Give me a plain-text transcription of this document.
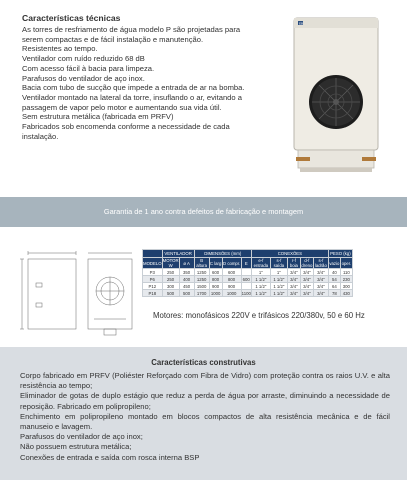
Características técnicas
As torres de resfriamento de água modelo P são projetadas para
serem compactas e de fácil instalação e manutenção.
Resistentes ao tempo.
Ventilador com ruído reduzido 68 dB
Com acesso fácil à bacia para limpeza.
Parafusos do ventilador de aço inox.
Bacia com tubo de sucção que impede a entrada de ar na bomba.
Ventilador montado na lateral da torre, insuflando o ar, evitando a
passagem de vapor pelo motor e aumentando sua vida útil.
Sem estrutura metálica (fabricada em PRFV)
Fabricados sob encomenda conforme a necessidade de cada
instalação.
EB
Garantia de 1 ano contra defeitos de fabricação e montagem
	VENTILADOR		DIMENSÕES (mm)				CONEXÕES					PESO (kg)	
MODELO	MOTOR W	ø A	B altura	C larg	D compr.	E	e-f entrada	s-f saída	r-f boia	d-f dreno	s-f ladrão	vazio	oper.
P3	250	350	1250	600	600		1"	1"	3/4"	3/4"	3/4"	40	110
P6	250	400	1250	800	800	600	1 1/2"	1 1/2"	3/4"	3/4"	3/4"	54	230
P12	300	450	1500	900	900		1 1/2"	1 1/2"	3/4"	3/4"	3/4"	64	300
P18	500	500	1700	1000	1000	1100	1 1/2"	1 1/2"	3/4"	3/4"	3/4"	78	430
Motores: monofásicos 220V e trifásicos 220/380v, 50 e 60 Hz
Características construtivas

Corpo fabricado em PRFV (Poliéster Reforçado com Fibra de Vidro) com proteção contra os raios U.V. e alta resistência ao tempo;

Eliminador de gotas de duplo estágio que reduz a perda de água por arraste, diminuindo a necessidade de reposição. Fabricado em polipropileno;

Enchimento em polipropileno montado em blocos compactos de alta resistência mecânica e de fácil manuseio e lavagem.

Parafusos do ventilador de aço inox;

Não possuem estrutura metálica;

Conexões de entrada e saída com rosca interna BSP
